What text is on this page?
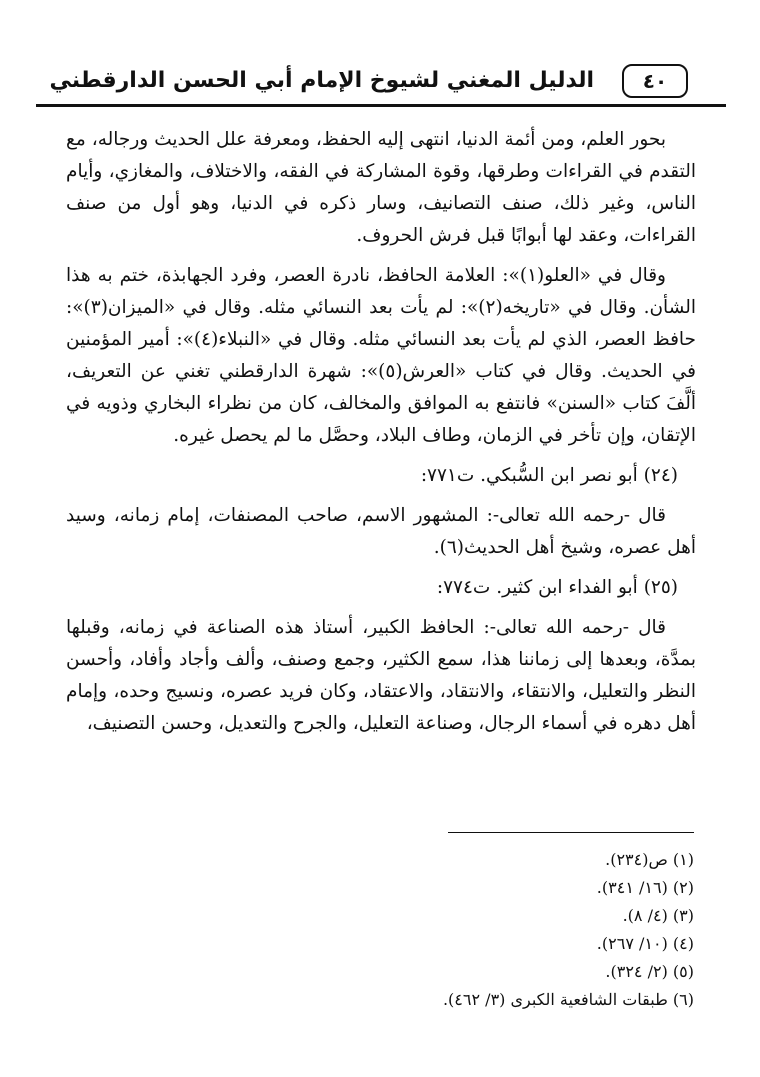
الدليل المغني لشيوخ الإمام أبي الحسن الدارقطني	٤٠

بحور العلم، ومن أئمة الدنيا، انتهى إليه الحفظ، ومعرفة علل الحديث ورجاله، مع التقدم في القراءات وطرقها، وقوة المشاركة في الفقه، والاختلاف، والمغازي، وأيام الناس، وغير ذلك، صنف التصانيف، وسار ذكره في الدنيا، وهو أول من صنف القراءات، وعقد لها أبوابًا قبل فرش الحروف.

وقال في «العلو(١)»: العلامة الحافظ، نادرة العصر، وفرد الجهابذة، ختم به هذا الشأن. وقال في «تاريخه(٢)»: لم يأت بعد النسائي مثله. وقال في «الميزان(٣)»: حافظ العصر، الذي لم يأت بعد النسائي مثله. وقال في «النبلاء(٤)»: أمير المؤمنين في الحديث. وقال في كتاب «العرش(٥)»: شهرة الدارقطني تغني عن التعريف، ألَّفَ كتاب «السنن» فانتفع به الموافق والمخالف، كان من نظراء البخاري وذويه في الإتقان، وإن تأخر في الزمان، وطاف البلاد، وحصَّل ما لم يحصل غيره.

(٢٤) أبو نصر ابن السُّبكي. ت٧٧١:

قال -رحمه الله تعالى-: المشهور الاسم، صاحب المصنفات، إمام زمانه، وسيد أهل عصره، وشيخ أهل الحديث(٦).

(٢٥) أبو الفداء ابن كثير. ت٧٧٤:

قال -رحمه الله تعالى-: الحافظ الكبير، أستاذ هذه الصناعة في زمانه، وقبلها بمدَّة، وبعدها إلى زماننا هذا، سمع الكثير، وجمع وصنف، وألف وأجاد وأفاد، وأحسن النظر والتعليل، والانتقاء، والانتقاد، والاعتقاد، وكان فريد عصره، ونسيج وحده، وإمام أهل دهره في أسماء الرجال، وصناعة التعليل، والجرح والتعديل، وحسن التصنيف،

(١) ص(٢٣٤).
(٢) (١٦/ ٣٤١).
(٣) (٤/ ٨).
(٤) (١٠/ ٢٦٧).
(٥) (٢/ ٣٢٤).
(٦) طبقات الشافعية الكبرى (٣/ ٤٦٢).
